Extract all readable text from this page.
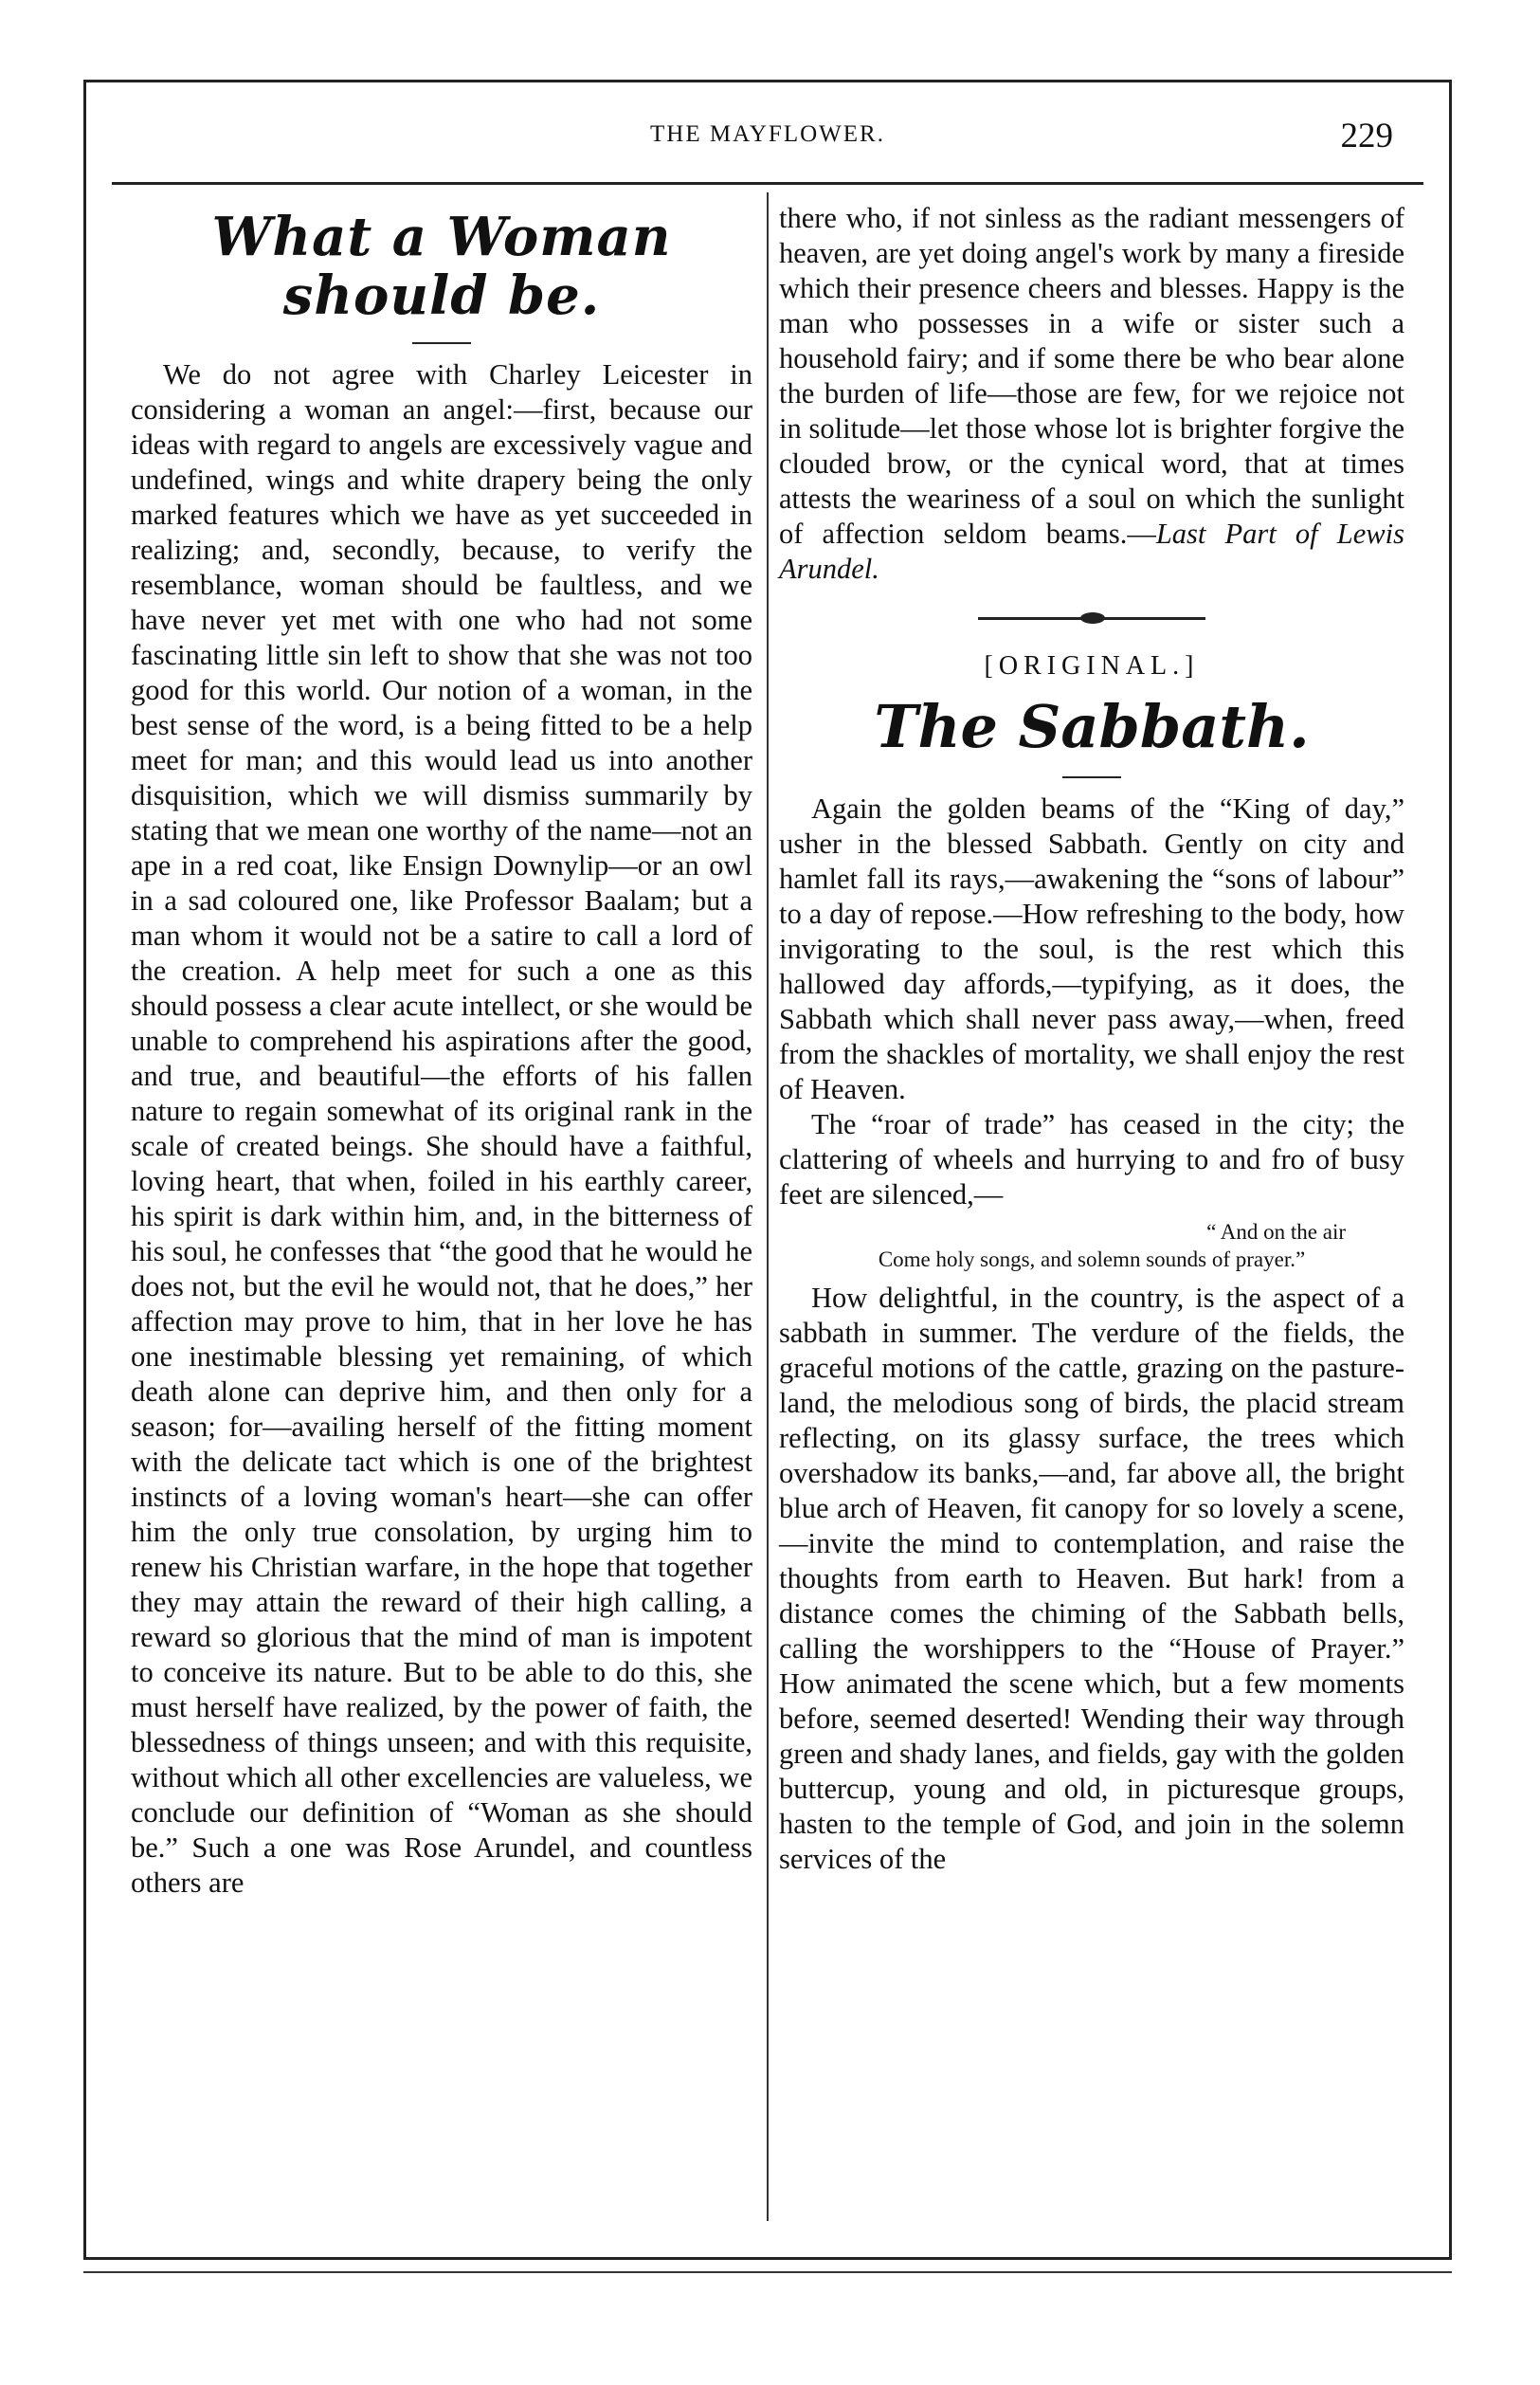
THE MAYFLOWER.	229
What a Woman should be.

We do not agree with Charley Leicester in considering a woman an angel:—first, because our ideas with regard to angels are excessively vague and undefined, wings and white drapery being the only marked features which we have as yet succeeded in realizing; and, secondly, because, to verify the resemblance, woman should be faultless, and we have never yet met with one who had not some fascinating little sin left to show that she was not too good for this world. Our notion of a woman, in the best sense of the word, is a being fitted to be a help meet for man; and this would lead us into another disquisition, which we will dismiss summarily by stating that we mean one worthy of the name—not an ape in a red coat, like Ensign Downylip—or an owl in a sad coloured one, like Professor Baalam; but a man whom it would not be a satire to call a lord of the creation. A help meet for such a one as this should possess a clear acute intellect, or she would be unable to comprehend his aspirations after the good, and true, and beautiful—the efforts of his fallen nature to regain somewhat of its original rank in the scale of created beings. She should have a faithful, loving heart, that when, foiled in his earthly career, his spirit is dark within him, and, in the bitterness of his soul, he confesses that “the good that he would he does not, but the evil he would not, that he does,” her affection may prove to him, that in her love he has one inestimable blessing yet remaining, of which death alone can deprive him, and then only for a season; for—availing herself of the fitting moment with the delicate tact which is one of the brightest instincts of a loving woman's heart—she can offer him the only true consolation, by urging him to renew his Christian warfare, in the hope that together they may attain the reward of their high calling, a reward so glorious that the mind of man is impotent to conceive its nature. But to be able to do this, she must herself have realized, by the power of faith, the blessedness of things unseen; and with this requisite, without which all other excellencies are valueless, we conclude our definition of “Woman as she should be.” Such a one was Rose Arundel, and countless others are

there who, if not sinless as the radiant messengers of heaven, are yet doing angel's work by many a fireside which their presence cheers and blesses. Happy is the man who possesses in a wife or sister such a household fairy; and if some there be who bear alone the burden of life—those are few, for we rejoice not in solitude—let those whose lot is brighter forgive the clouded brow, or the cynical word, that at times attests the weariness of a soul on which the sunlight of affection seldom beams.—Last Part of Lewis Arundel.

[ORIGINAL.]

The Sabbath.

Again the golden beams of the “King of day,” usher in the blessed Sabbath. Gently on city and hamlet fall its rays,—awakening the “sons of labour” to a day of repose.—How refreshing to the body, how invigorating to the soul, is the rest which this hallowed day affords,—typifying, as it does, the Sabbath which shall never pass away,—when, freed from the shackles of mortality, we shall enjoy the rest of Heaven.

The “roar of trade” has ceased in the city; the clattering of wheels and hurrying to and fro of busy feet are silenced,—

“ And on the air
Come holy songs, and solemn sounds of prayer.”

How delightful, in the country, is the aspect of a sabbath in summer. The verdure of the fields, the graceful motions of the cattle, grazing on the pasture-land, the melodious song of birds, the placid stream reflecting, on its glassy surface, the trees which overshadow its banks,—and, far above all, the bright blue arch of Heaven, fit canopy for so lovely a scene,—invite the mind to contemplation, and raise the thoughts from earth to Heaven. But hark! from a distance comes the chiming of the Sabbath bells, calling the worshippers to the “House of Prayer.” How animated the scene which, but a few moments before, seemed deserted! Wending their way through green and shady lanes, and fields, gay with the golden buttercup, young and old, in picturesque groups, hasten to the temple of God, and join in the solemn services of the
